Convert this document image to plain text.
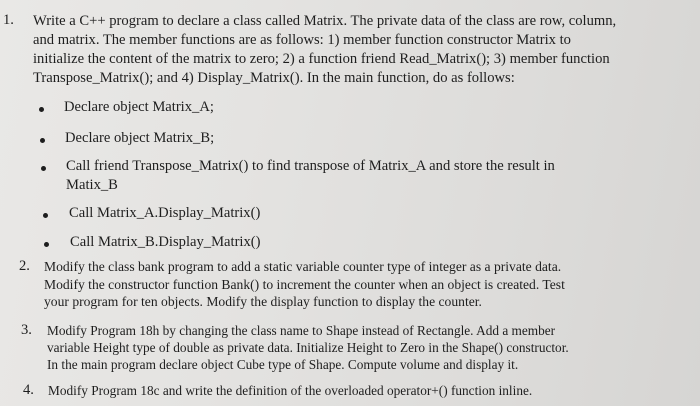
1. Write a C++ program to declare a class called Matrix. The private data of the class are row, column,
and matrix. The member functions are as follows: 1) member function constructor Matrix to
initialize the content of the matrix to zero; 2) a function friend Read_Matrix(); 3) member function
Transpose_Matrix(); and 4) Display_Matrix(). In the main function, do as follows:
Declare object Matrix_A;
Declare object Matrix_B;
Call friend Transpose_Matrix() to find transpose of Matrix_A and store the result in
Matix_B
Call Matrix_A.Display_Matrix()
Call Matrix_B.Display_Matrix()
2. Modify the class bank program to add a static variable counter type of integer as a private data.
Modify the constructor function Bank() to increment the counter when an object is created. Test
your program for ten objects. Modify the display function to display the counter.
3. Modify Program 18h by changing the class name to Shape instead of Rectangle. Add a member
variable Height type of double as private data. Initialize Height to Zero in the Shape() constructor.
In the main program declare object Cube type of Shape. Compute volume and display it.
4. Modify Program 18c and write the definition of the overloaded operator+() function inline.
